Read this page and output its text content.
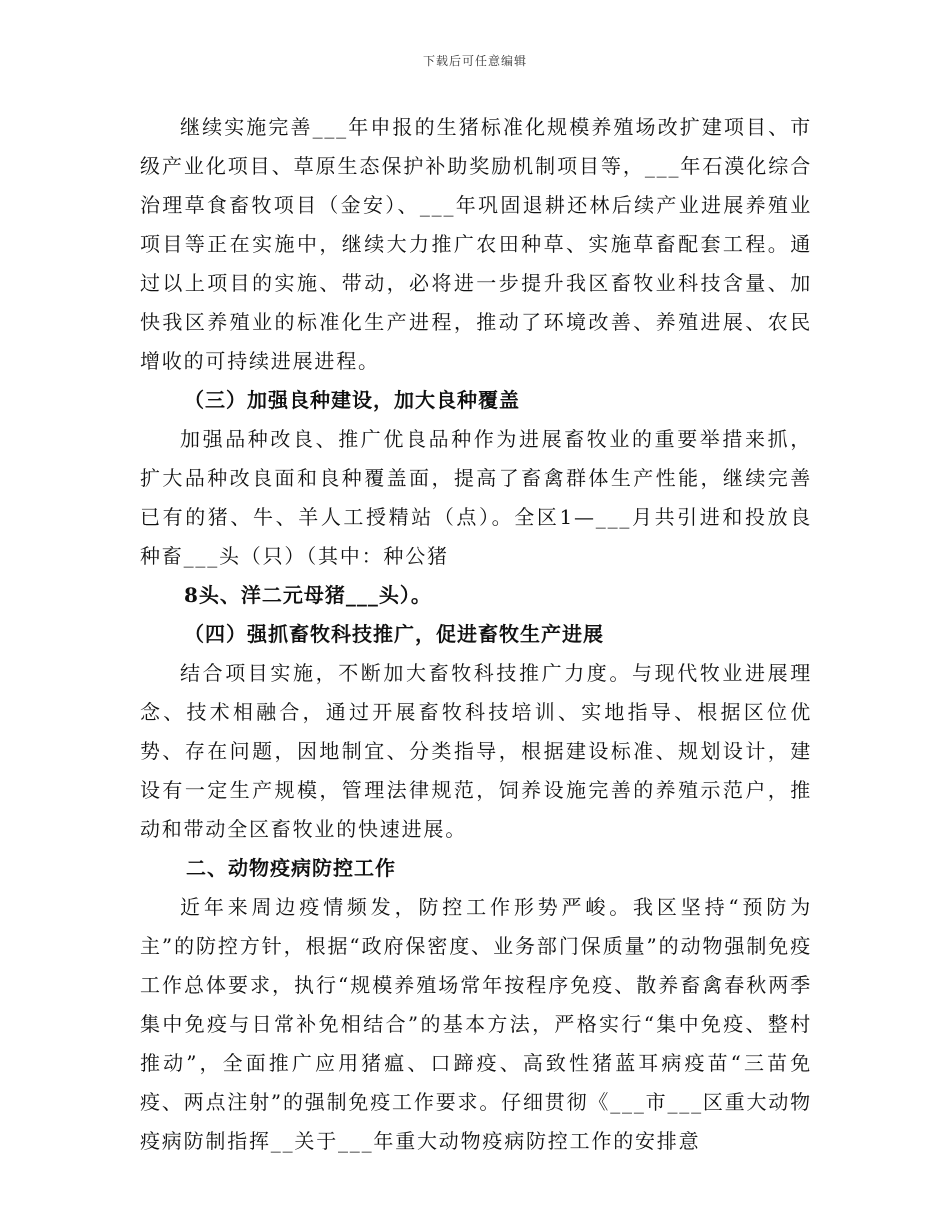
下载后可任意编辑

继续实施完善___年申报的生猪标准化规模养殖场改扩建项目、市级产业化项目、草原生态保护补助奖励机制项目等，___年石漠化综合治理草食畜牧项目（金安）、___年巩固退耕还林后续产业进展养殖业项目等正在实施中，继续大力推广农田种草、实施草畜配套工程。通过以上项目的实施、带动，必将进一步提升我区畜牧业科技含量、加快我区养殖业的标准化生产进程，推动了环境改善、养殖进展、农民增收的可持续进展进程。

（三）加强良种建设，加大良种覆盖

加强品种改良、推广优良品种作为进展畜牧业的重要举措来抓，扩大品种改良面和良种覆盖面，提高了畜禽群体生产性能，继续完善已有的猪、牛、羊人工授精站（点）。全区1—___月共引进和投放良种畜___头（只）（其中：种公猪

8头、洋二元母猪___头）。

（四）强抓畜牧科技推广，促进畜牧生产进展

结合项目实施，不断加大畜牧科技推广力度。与现代牧业进展理念、技术相融合，通过开展畜牧科技培训、实地指导、根据区位优势、存在问题，因地制宜、分类指导，根据建设标准、规划设计，建设有一定生产规模，管理法律规范，饲养设施完善的养殖示范户，推动和带动全区畜牧业的快速进展。

二、动物疫病防控工作

近年来周边疫情频发，防控工作形势严峻。我区坚持“预防为主”的防控方针，根据“政府保密度、业务部门保质量”的动物强制免疫工作总体要求，执行“规模养殖场常年按程序免疫、散养畜禽春秋两季集中免疫与日常补免相结合”的基本方法，严格实行“集中免疫、整村推动”，全面推广应用猪瘟、口蹄疫、高致性猪蓝耳病疫苗“三苗免疫、两点注射”的强制免疫工作要求。仔细贯彻《___市___区重大动物疫病防制指挥__关于___年重大动物疫病防控工作的安排意
